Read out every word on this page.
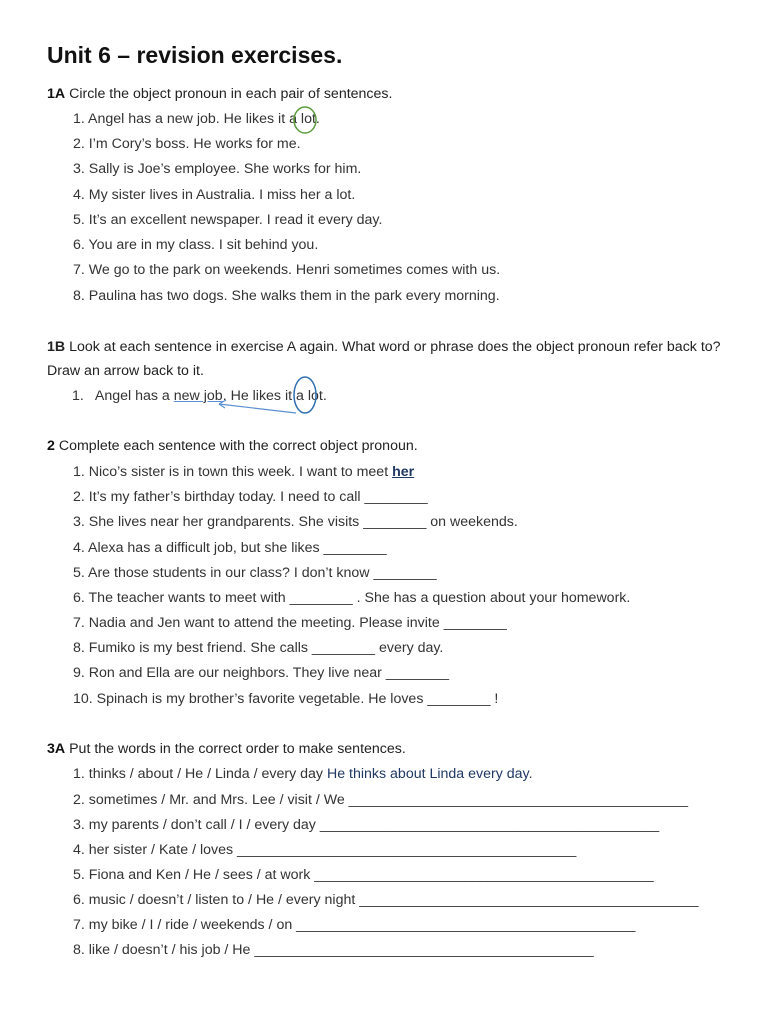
Unit 6 – revision exercises.
1A Circle the object pronoun in each pair of sentences.
1. Angel has a new job. He likes it a lot.
2. I’m Cory’s boss. He works for me.
3. Sally is Joe’s employee. She works for him.
4. My sister lives in Australia. I miss her a lot.
5. It’s an excellent newspaper. I read it every day.
6. You are in my class. I sit behind you.
7. We go to the park on weekends. Henri sometimes comes with us.
8. Paulina has two dogs. She walks them in the park every morning.
1B Look at each sentence in exercise A again. What word or phrase does the object pronoun refer back to? Draw an arrow back to it.
1. Angel has a new job. He likes it a lot.
2 Complete each sentence with the correct object pronoun.
1. Nico’s sister is in town this week. I want to meet her
2. It’s my father’s birthday today. I need to call ________
3. She lives near her grandparents. She visits ________ on weekends.
4. Alexa has a difficult job, but she likes ________
5. Are those students in our class? I don’t know ________
6. The teacher wants to meet with ________ . She has a question about your homework.
7. Nadia and Jen want to attend the meeting. Please invite ________
8. Fumiko is my best friend. She calls ________ every day.
9. Ron and Ella are our neighbors. They live near ________
10. Spinach is my brother’s favorite vegetable. He loves ________ !
3A Put the words in the correct order to make sentences.
1. thinks / about / He / Linda / every day He thinks about Linda every day.
2. sometimes / Mr. and Mrs. Lee / visit / We ___________________________________________
3. my parents / don’t call / I / every day ___________________________________________
4. her sister / Kate / loves ___________________________________________
5. Fiona and Ken / He / sees / at work ___________________________________________
6. music / doesn’t / listen to / He / every night ___________________________________________
7. my bike / I / ride / weekends / on ___________________________________________
8. like / doesn’t / his job / He ___________________________________________
